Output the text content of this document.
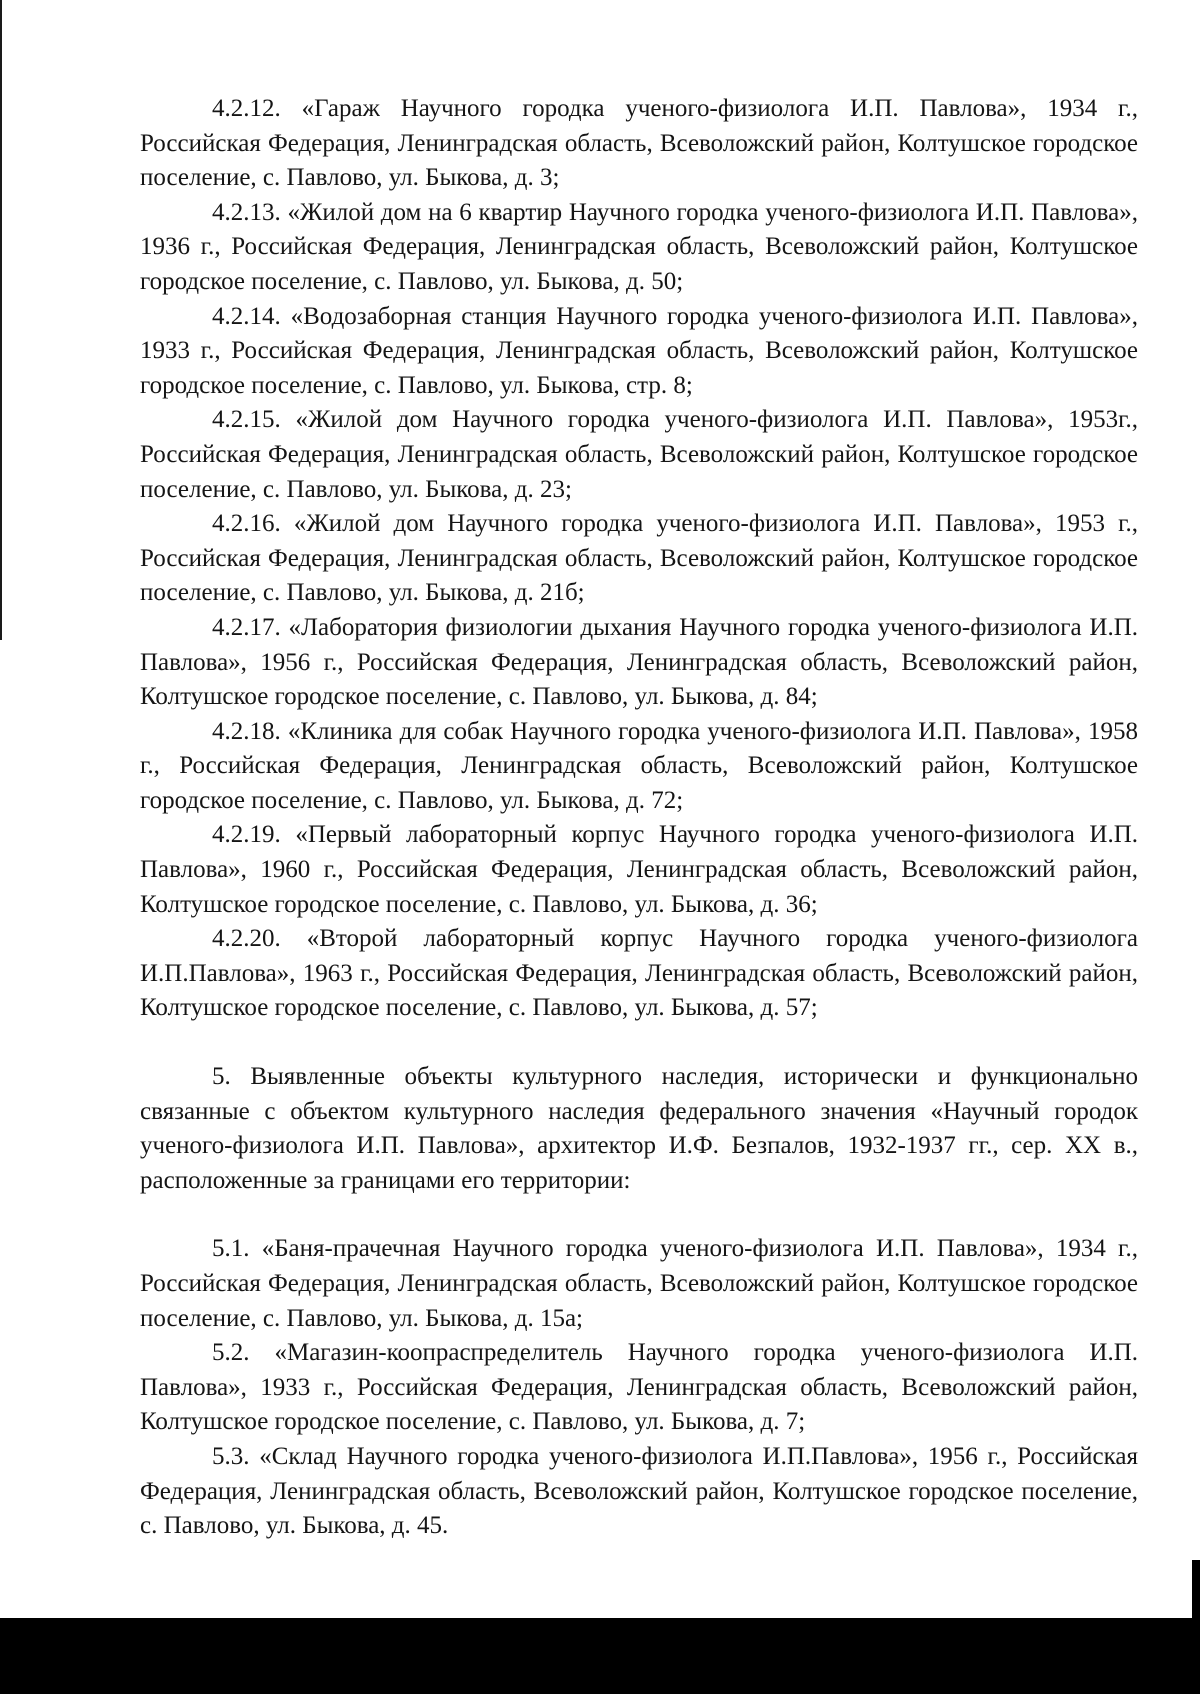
4.2.12. «Гараж Научного городка ученого-физиолога И.П. Павлова», 1934 г., Российская Федерация, Ленинградская область, Всеволожский район, Колтушское городское поселение, с. Павлово, ул. Быкова, д. 3;

4.2.13. «Жилой дом на 6 квартир Научного городка ученого-физиолога И.П. Павлова», 1936 г., Российская Федерация, Ленинградская область, Всеволожский район, Колтушское городское поселение, с. Павлово, ул. Быкова, д. 50;

4.2.14. «Водозаборная станция Научного городка ученого-физиолога И.П. Павлова», 1933 г., Российская Федерация, Ленинградская область, Всеволожский район, Колтушское городское поселение, с. Павлово, ул. Быкова, стр. 8;

4.2.15. «Жилой дом Научного городка ученого-физиолога И.П. Павлова», 1953г., Российская Федерация, Ленинградская область, Всеволожский район, Колтушское городское поселение, с. Павлово, ул. Быкова, д. 23;

4.2.16. «Жилой дом Научного городка ученого-физиолога И.П. Павлова», 1953 г., Российская Федерация, Ленинградская область, Всеволожский район, Колтушское городское поселение, с. Павлово, ул. Быкова, д. 21б;

4.2.17. «Лаборатория физиологии дыхания Научного городка ученого-физиолога И.П. Павлова», 1956 г., Российская Федерация, Ленинградская область, Всеволожский район, Колтушское городское поселение, с. Павлово, ул. Быкова, д. 84;

4.2.18. «Клиника для собак Научного городка ученого-физиолога И.П. Павлова», 1958 г., Российская Федерация, Ленинградская область, Всеволожский район, Колтушское городское поселение, с. Павлово, ул. Быкова, д. 72;

4.2.19. «Первый лабораторный корпус Научного городка ученого-физиолога И.П. Павлова», 1960 г., Российская Федерация, Ленинградская область, Всеволожский район, Колтушское городское поселение, с. Павлово, ул. Быкова, д. 36;

4.2.20. «Второй лабораторный корпус Научного городка ученого-физиолога И.П.Павлова», 1963 г., Российская Федерация, Ленинградская область, Всеволожский район, Колтушское городское поселение, с. Павлово, ул. Быкова, д. 57;

5. Выявленные объекты культурного наследия, исторически и функционально связанные с объектом культурного наследия федерального значения «Научный городок ученого-физиолога И.П. Павлова», архитектор И.Ф. Безпалов, 1932-1937 гг., сер. XX в., расположенные за границами его территории:

5.1. «Баня-прачечная Научного городка ученого-физиолога И.П. Павлова», 1934 г., Российская Федерация, Ленинградская область, Всеволожский район, Колтушское городское поселение, с. Павлово, ул. Быкова, д. 15а;

5.2. «Магазин-коопраспределитель Научного городка ученого-физиолога И.П. Павлова», 1933 г., Российская Федерация, Ленинградская область, Всеволожский район, Колтушское городское поселение, с. Павлово, ул. Быкова, д. 7;

5.3. «Склад Научного городка ученого-физиолога И.П.Павлова», 1956 г., Российская Федерация, Ленинградская область, Всеволожский район, Колтушское городское поселение, с. Павлово, ул. Быкова, д. 45.
